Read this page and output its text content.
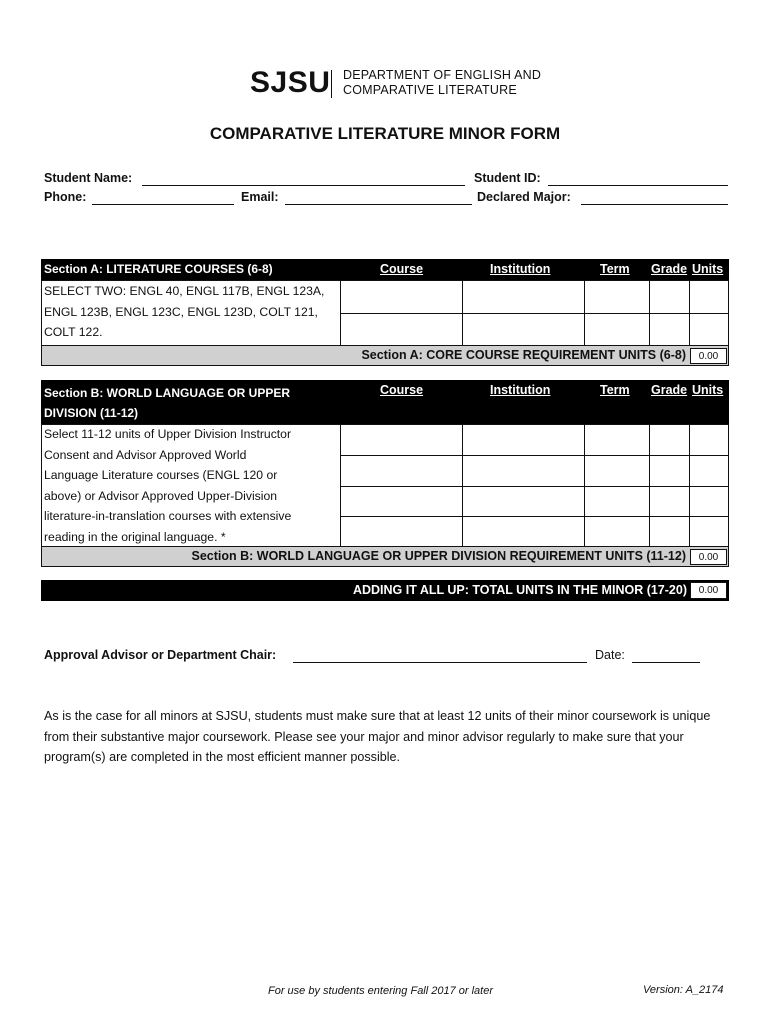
SJSU DEPARTMENT OF ENGLISH AND
COMPARATIVE LITERATURE
COMPARATIVE LITERATURE MINOR FORM
Student Name:	Student ID:
Phone:	Email:	Declared Major:
Section A: LITERATURE COURSES (6-8)	Course	Institution	Term Grade Units
SELECT TWO: ENGL 40, ENGL 117B, ENGL 123A,
ENGL 123B, ENGL 123C, ENGL 123D, COLT 121,
COLT 122.
Section A: CORE COURSE REQUIREMENT UNITS (6-8)	0.00
Section B: WORLD LANGUAGE OR UPPER
DIVISION (11-12)
Course	Institution	Term Grade Units
Select 11-12 units of Upper Division Instructor
Consent and Advisor Approved World
Language Literature courses (ENGL 120 or
above) or Advisor Approved Upper-Division
literature-in-translation courses with extensive
reading in the original language. *
Section B: WORLD LANGUAGE OR UPPER DIVISION REQUIREMENT UNITS (11-12)	0.00
ADDING IT ALL UP: TOTAL UNITS IN THE MINOR (17-20)	0.00
Approval Advisor or Department Chair:	Date:
As is the case for all minors at SJSU, students must make sure that at least 12 units of their minor coursework is unique from their substantive major coursework. Please see your major and minor advisor regularly to make sure that your program(s) are completed in the most efficient manner possible.
For use by students entering Fall 2017 or later	Version: A_2174
